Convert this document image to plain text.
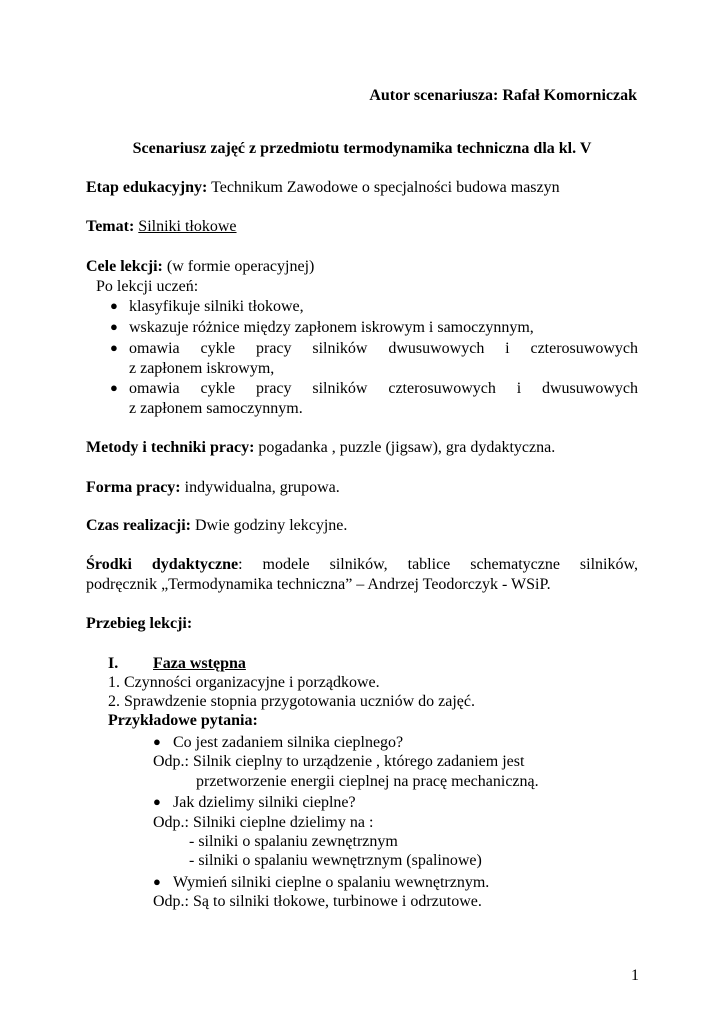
Autor scenariusza: Rafał Komorniczak
Scenariusz zajęć z przedmiotu termodynamika techniczna dla kl. V
Etap edukacyjny: Technikum Zawodowe o specjalności budowa maszyn
Temat: Silniki tłokowe
Cele lekcji: (w formie operacyjnej)
Po lekcji uczeń:
● klasyfikuje silniki tłokowe,
● wskazuje różnice między zapłonem iskrowym i samoczynnym,
● omawia cykle pracy silników dwusuwowych i czterosuwowych
z zapłonem iskrowym,
● omawia cykle pracy silników czterosuwowych i dwusuwowych
z zapłonem samoczynnym.
Metody i techniki pracy: pogadanka , puzzle (jigsaw), gra dydaktyczna.
Forma pracy: indywidualna, grupowa.
Czas realizacji: Dwie godziny lekcyjne.
Środki dydaktyczne: modele silników, tablice schematyczne silników,
podręcznik „Termodynamika techniczna” – Andrzej Teodorczyk - WSiP.
Przebieg lekcji:
I. Faza wstępna
1. Czynności organizacyjne i porządkowe.
2. Sprawdzenie stopnia przygotowania uczniów do zajęć.
Przykładowe pytania:
● Co jest zadaniem silnika cieplnego?
Odp.: Silnik cieplny to urządzenie , którego zadaniem jest
przetworzenie energii cieplnej na pracę mechaniczną.
● Jak dzielimy silniki cieplne?
Odp.: Silniki cieplne dzielimy na :
- silniki o spalaniu zewnętrznym
- silniki o spalaniu wewnętrznym (spalinowe)
● Wymień silniki cieplne o spalaniu wewnętrznym.
Odp.: Są to silniki tłokowe, turbinowe i odrzutowe.
1
